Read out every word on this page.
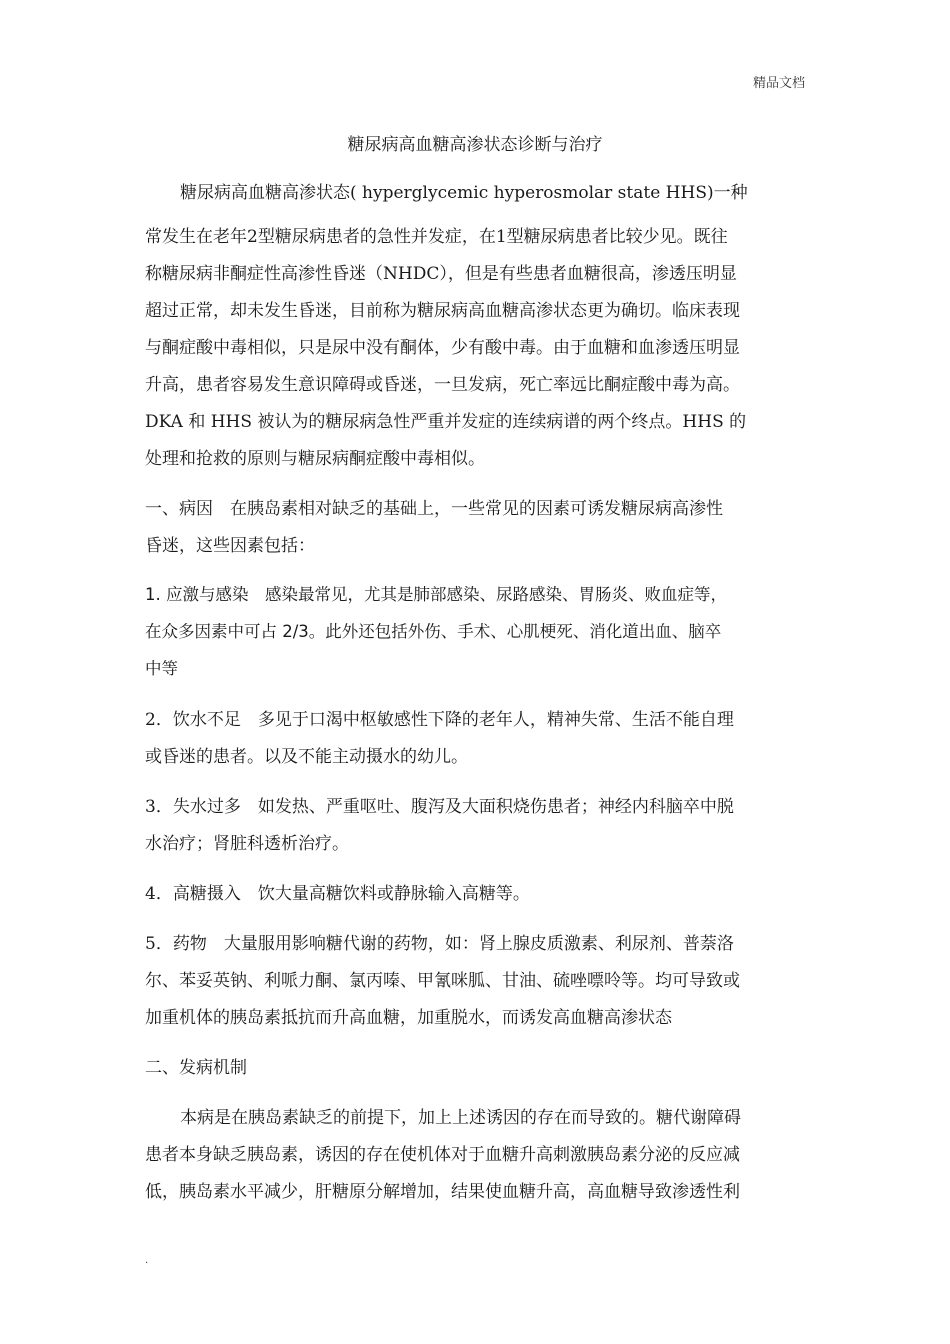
精品文档
糖尿病高血糖高渗状态诊断与治疗
糖尿病高血糖高渗状态( hyperglycemic hyperosmolar state HHS)一种
常发生在老年2型糖尿病患者的急性并发症，在1型糖尿病患者比较少见。既往
称糖尿病非酮症性高渗性昏迷（NHDC），但是有些患者血糖很高，渗透压明显
超过正常，却未发生昏迷，目前称为糖尿病高血糖高渗状态更为确切。临床表现
与酮症酸中毒相似，只是尿中没有酮体，少有酸中毒。由于血糖和血渗透压明显
升高，患者容易发生意识障碍或昏迷，一旦发病，死亡率远比酮症酸中毒为高。
DKA 和 HHS 被认为的糖尿病急性严重并发症的连续病谱的两个终点。HHS 的
处理和抢救的原则与糖尿病酮症酸中毒相似。
一、病因　在胰岛素相对缺乏的基础上，一些常见的因素可诱发糖尿病高渗性
昏迷，这些因素包括：
1. 应激与感染　感染最常见，尤其是肺部感染、尿路感染、胃肠炎、败血症等，
在众多因素中可占 2/3。此外还包括外伤、手术、心肌梗死、消化道出血、脑卒
中等
2．饮水不足　多见于口渴中枢敏感性下降的老年人，精神失常、生活不能自理
或昏迷的患者。以及不能主动摄水的幼儿。
3．失水过多　如发热、严重呕吐、腹泻及大面积烧伤患者；神经内科脑卒中脱
水治疗；肾脏科透析治疗。
4．高糖摄入　饮大量高糖饮料或静脉输入高糖等。
5．药物　大量服用影响糖代谢的药物，如：肾上腺皮质激素、利尿剂、普萘洛
尔、苯妥英钠、利哌力酮、氯丙嗪、甲氰咪胍、甘油、硫唑嘌呤等。均可导致或
加重机体的胰岛素抵抗而升高血糖，加重脱水，而诱发高血糖高渗状态
二、发病机制
本病是在胰岛素缺乏的前提下，加上上述诱因的存在而导致的。糖代谢障碍
患者本身缺乏胰岛素，诱因的存在使机体对于血糖升高刺激胰岛素分泌的反应减
低，胰岛素水平减少，肝糖原分解增加，结果使血糖升高，高血糖导致渗透性利
.
